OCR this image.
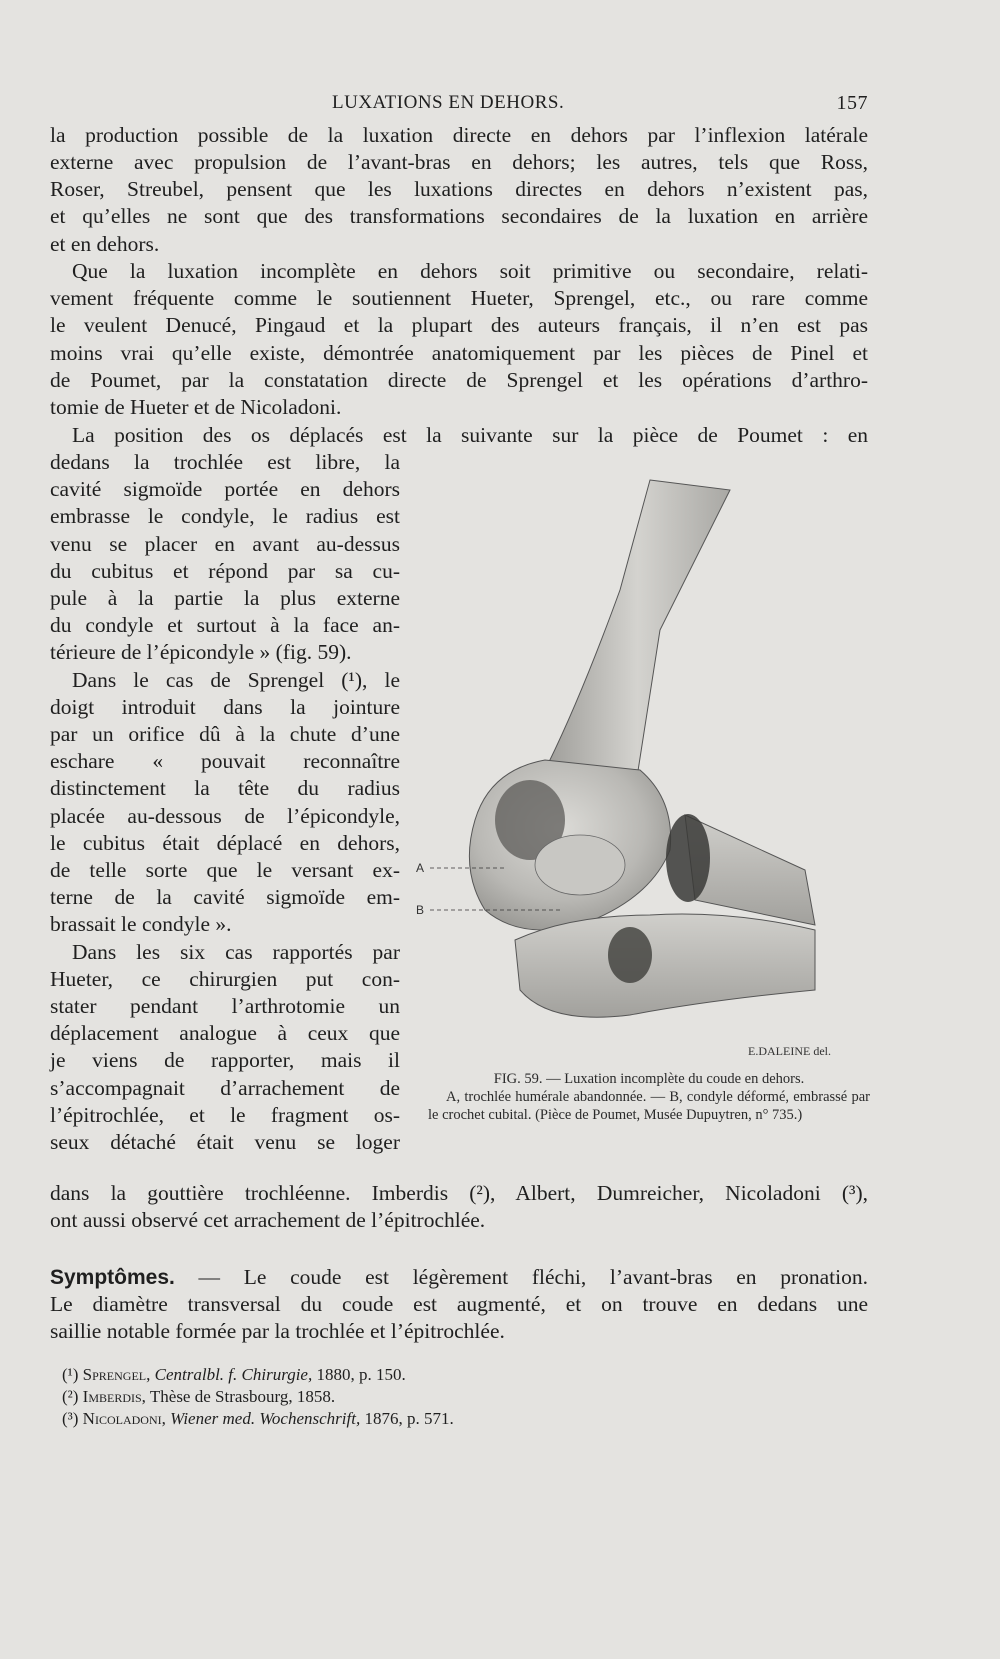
LUXATIONS EN DEHORS.	157
la production possible de la luxation directe en dehors par l’inflexion latérale
externe avec propulsion de l’avant-bras en dehors; les autres, tels que Ross,
Roser, Streubel, pensent que les luxations directes en dehors n’existent pas,
et qu’elles ne sont que des transformations secondaires de la luxation en arrière
et en dehors.
Que la luxation incomplète en dehors soit primitive ou secondaire, relati-
vement fréquente comme le soutiennent Hueter, Sprengel, etc., ou rare comme
le veulent Denucé, Pingaud et la plupart des auteurs français, il n’en est pas
moins vrai qu’elle existe, démontrée anatomiquement par les pièces de Pinel et
de Poumet, par la constatation directe de Sprengel et les opérations d’arthro-
tomie de Hueter et de Nicoladoni.
La position des os déplacés est la suivante sur la pièce de Poumet : en

dedans la trochlée est libre, la

cavité sigmoïde portée en dehors

embrasse le condyle, le radius est

venu se placer en avant au-dessus

du cubitus et répond par sa cu-

pule à la partie la plus externe

du condyle et surtout à la face an-

térieure de l’épicondyle » (fig. 59).

Dans le cas de Sprengel (¹), le

doigt introduit dans la jointure

par un orifice dû à la chute d’une

eschare « pouvait reconnaître

distinctement la tête du radius

placée au-dessous de l’épicondyle,

le cubitus était déplacé en dehors,

de telle sorte que le versant ex-

terne de la cavité sigmoïde em-

brassait le condyle ».

Dans les six cas rapportés par

Hueter, ce chirurgien put con-

stater pendant l’arthrotomie un

déplacement analogue à ceux que

je viens de rapporter, mais il

s’accompagnait d’arrachement de

l’épitrochlée, et le fragment os-

seux détaché était venu se loger

A
B
E.DALEINE del.
FIG. 59. — Luxation incomplète du coude en dehors.
A, trochlée humérale abandonnée. — B, condyle déformé, embrassé par le crochet cubital. (Pièce de Poumet, Musée Dupuytren, n° 735.)
dans la gouttière trochléenne. Imberdis (²), Albert, Dumreicher, Nicoladoni (³),
ont aussi observé cet arrachement de l’épitrochlée.
Symptômes. — Le coude est légèrement fléchi, l’avant-bras en pronation.
Le diamètre transversal du coude est augmenté, et on trouve en dedans une
saillie notable formée par la trochlée et l’épitrochlée.
(¹) Sprengel, Centralbl. f. Chirurgie, 1880, p. 150.
(²) Imberdis, Thèse de Strasbourg, 1858.
(³) Nicoladoni, Wiener med. Wochenschrift, 1876, p. 571.
